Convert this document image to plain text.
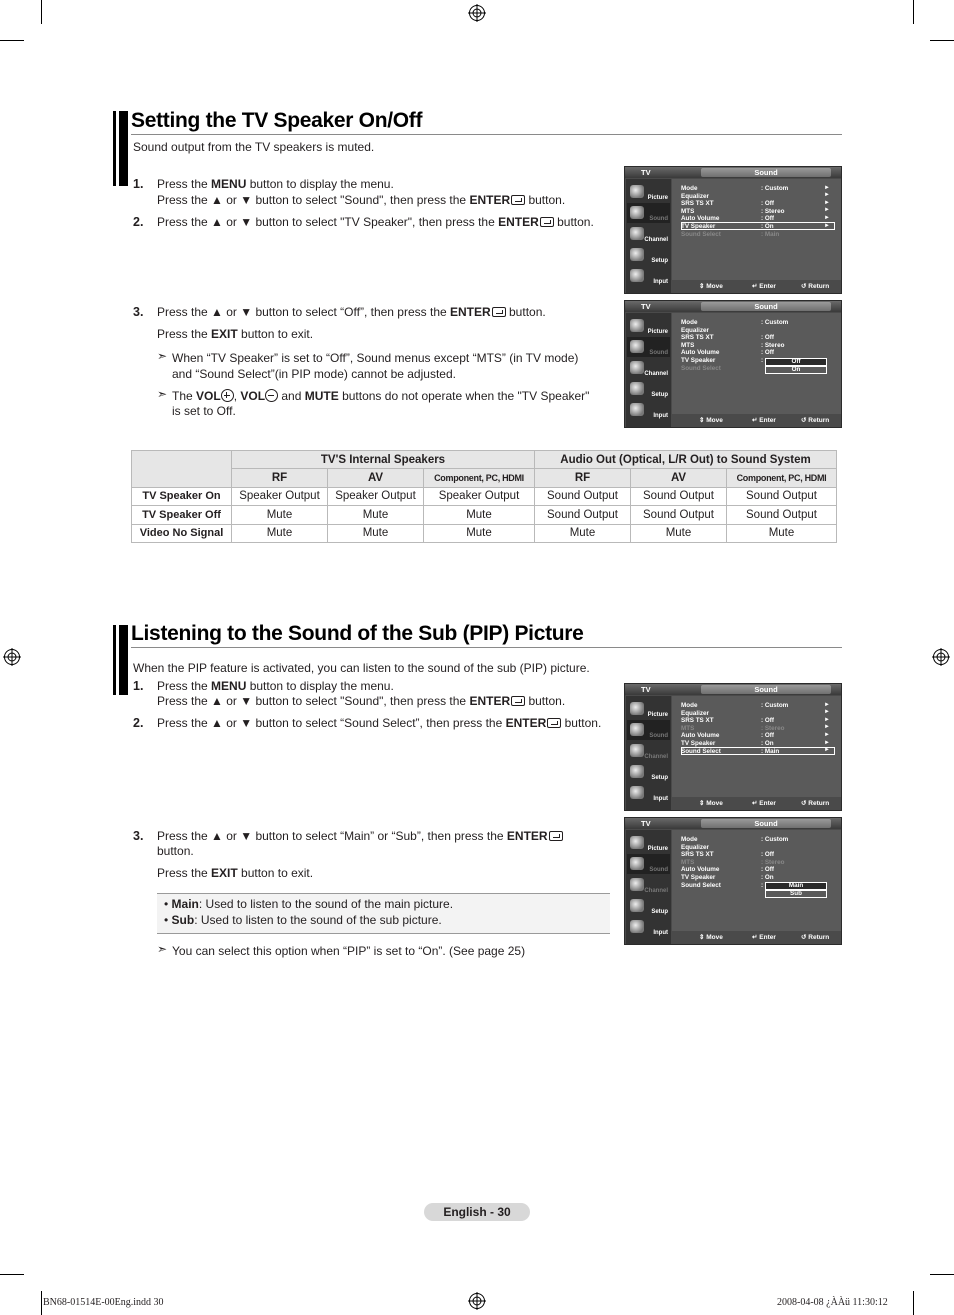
Setting the TV Speaker On/Off
Sound output from the TV speakers is muted.
1. Press the MENU button to display the menu.
Press the ▲ or ▼ button to select "Sound", then press the ENTER button.
2. Press the ▲ or ▼ button to select "TV Speaker", then press the ENTER button.
3. Press the ▲ or ▼ button to select “Off”, then press the ENTER button.
Press the EXIT button to exit.
➣ When “TV Speaker” is set to “Off”, Sound menus except “MTS” (in TV mode)
and “Sound Select”(in PIP mode) cannot be adjusted.
➣ The VOL , VOL
and MUTE buttons do not operate when the "TV Speaker"
is set to Off.
TV	Sound
Picture
Sound
Channel
Setup
Input
Mode	: Custom	►
Equalizer	►
SRS TS XT	: Off	►
MTS	: Stereo	►
Auto Volume	: Off	►
TV Speaker	: On	►
Sound Select	: Main
⇕ Move	↵ Enter	↺ Return
TV	Sound
Picture
Sound
Channel
Setup
Input
Mode	: Custom
Equalizer
SRS TS XT	: Off
MTS	: Stereo
Auto Volume	: Off
TV Speaker	:
Sound Select
Off
On
⇕ Move	↵ Enter	↺ Return
	TV'S Internal Speakers			Audio Out (Optical, L/R Out) to Sound System		
	RF	AV	Component, PC, HDMI	RF	AV	Component, PC, HDMI
TV Speaker On	Speaker Output	Speaker Output	Speaker Output	Sound Output	Sound Output	Sound Output
TV Speaker Off	Mute	Mute	Mute	Sound Output	Sound Output	Sound Output
Video No Signal	Mute	Mute	Mute	Mute	Mute	Mute
Listening to the Sound of the Sub (PIP) Picture
When the PIP feature is activated, you can listen to the sound of the sub (PIP) picture.
1. Press the MENU button to display the menu.
Press the ▲ or ▼ button to select "Sound", then press the ENTER button.
2. Press the ▲ or ▼ button to select “Sound Select”, then press the ENTER button.
3. Press the ▲ or ▼ button to select “Main” or “Sub”, then press the ENTER
button.
Press the EXIT button to exit.
• Main: Used to listen to the sound of the main picture.
• Sub: Used to listen to the sound of the sub picture.
➣ You can select this option when “PIP” is set to “On”. (See page 25)
TV	Sound
Picture
Sound
Channel
Setup
Input
Mode	: Custom	►
Equalizer	►
SRS TS XT	: Off	►
MTS	: Stereo	►
Auto Volume	: Off	►
TV Speaker	: On	►
Sound Select	: Main	►
⇕ Move	↵ Enter	↺ Return
TV	Sound
Picture
Sound
Channel
Setup
Input
Mode	: Custom
Equalizer
SRS TS XT	: Off
MTS	: Stereo
Auto Volume	: Off
TV Speaker	: On
Sound Select	:	Main
Sub
⇕ Move	↵ Enter	↺ Return
English - 30
BN68-01514E-00Eng.indd 30	2008-04-08 ¿ÀÀü 11:30:12
